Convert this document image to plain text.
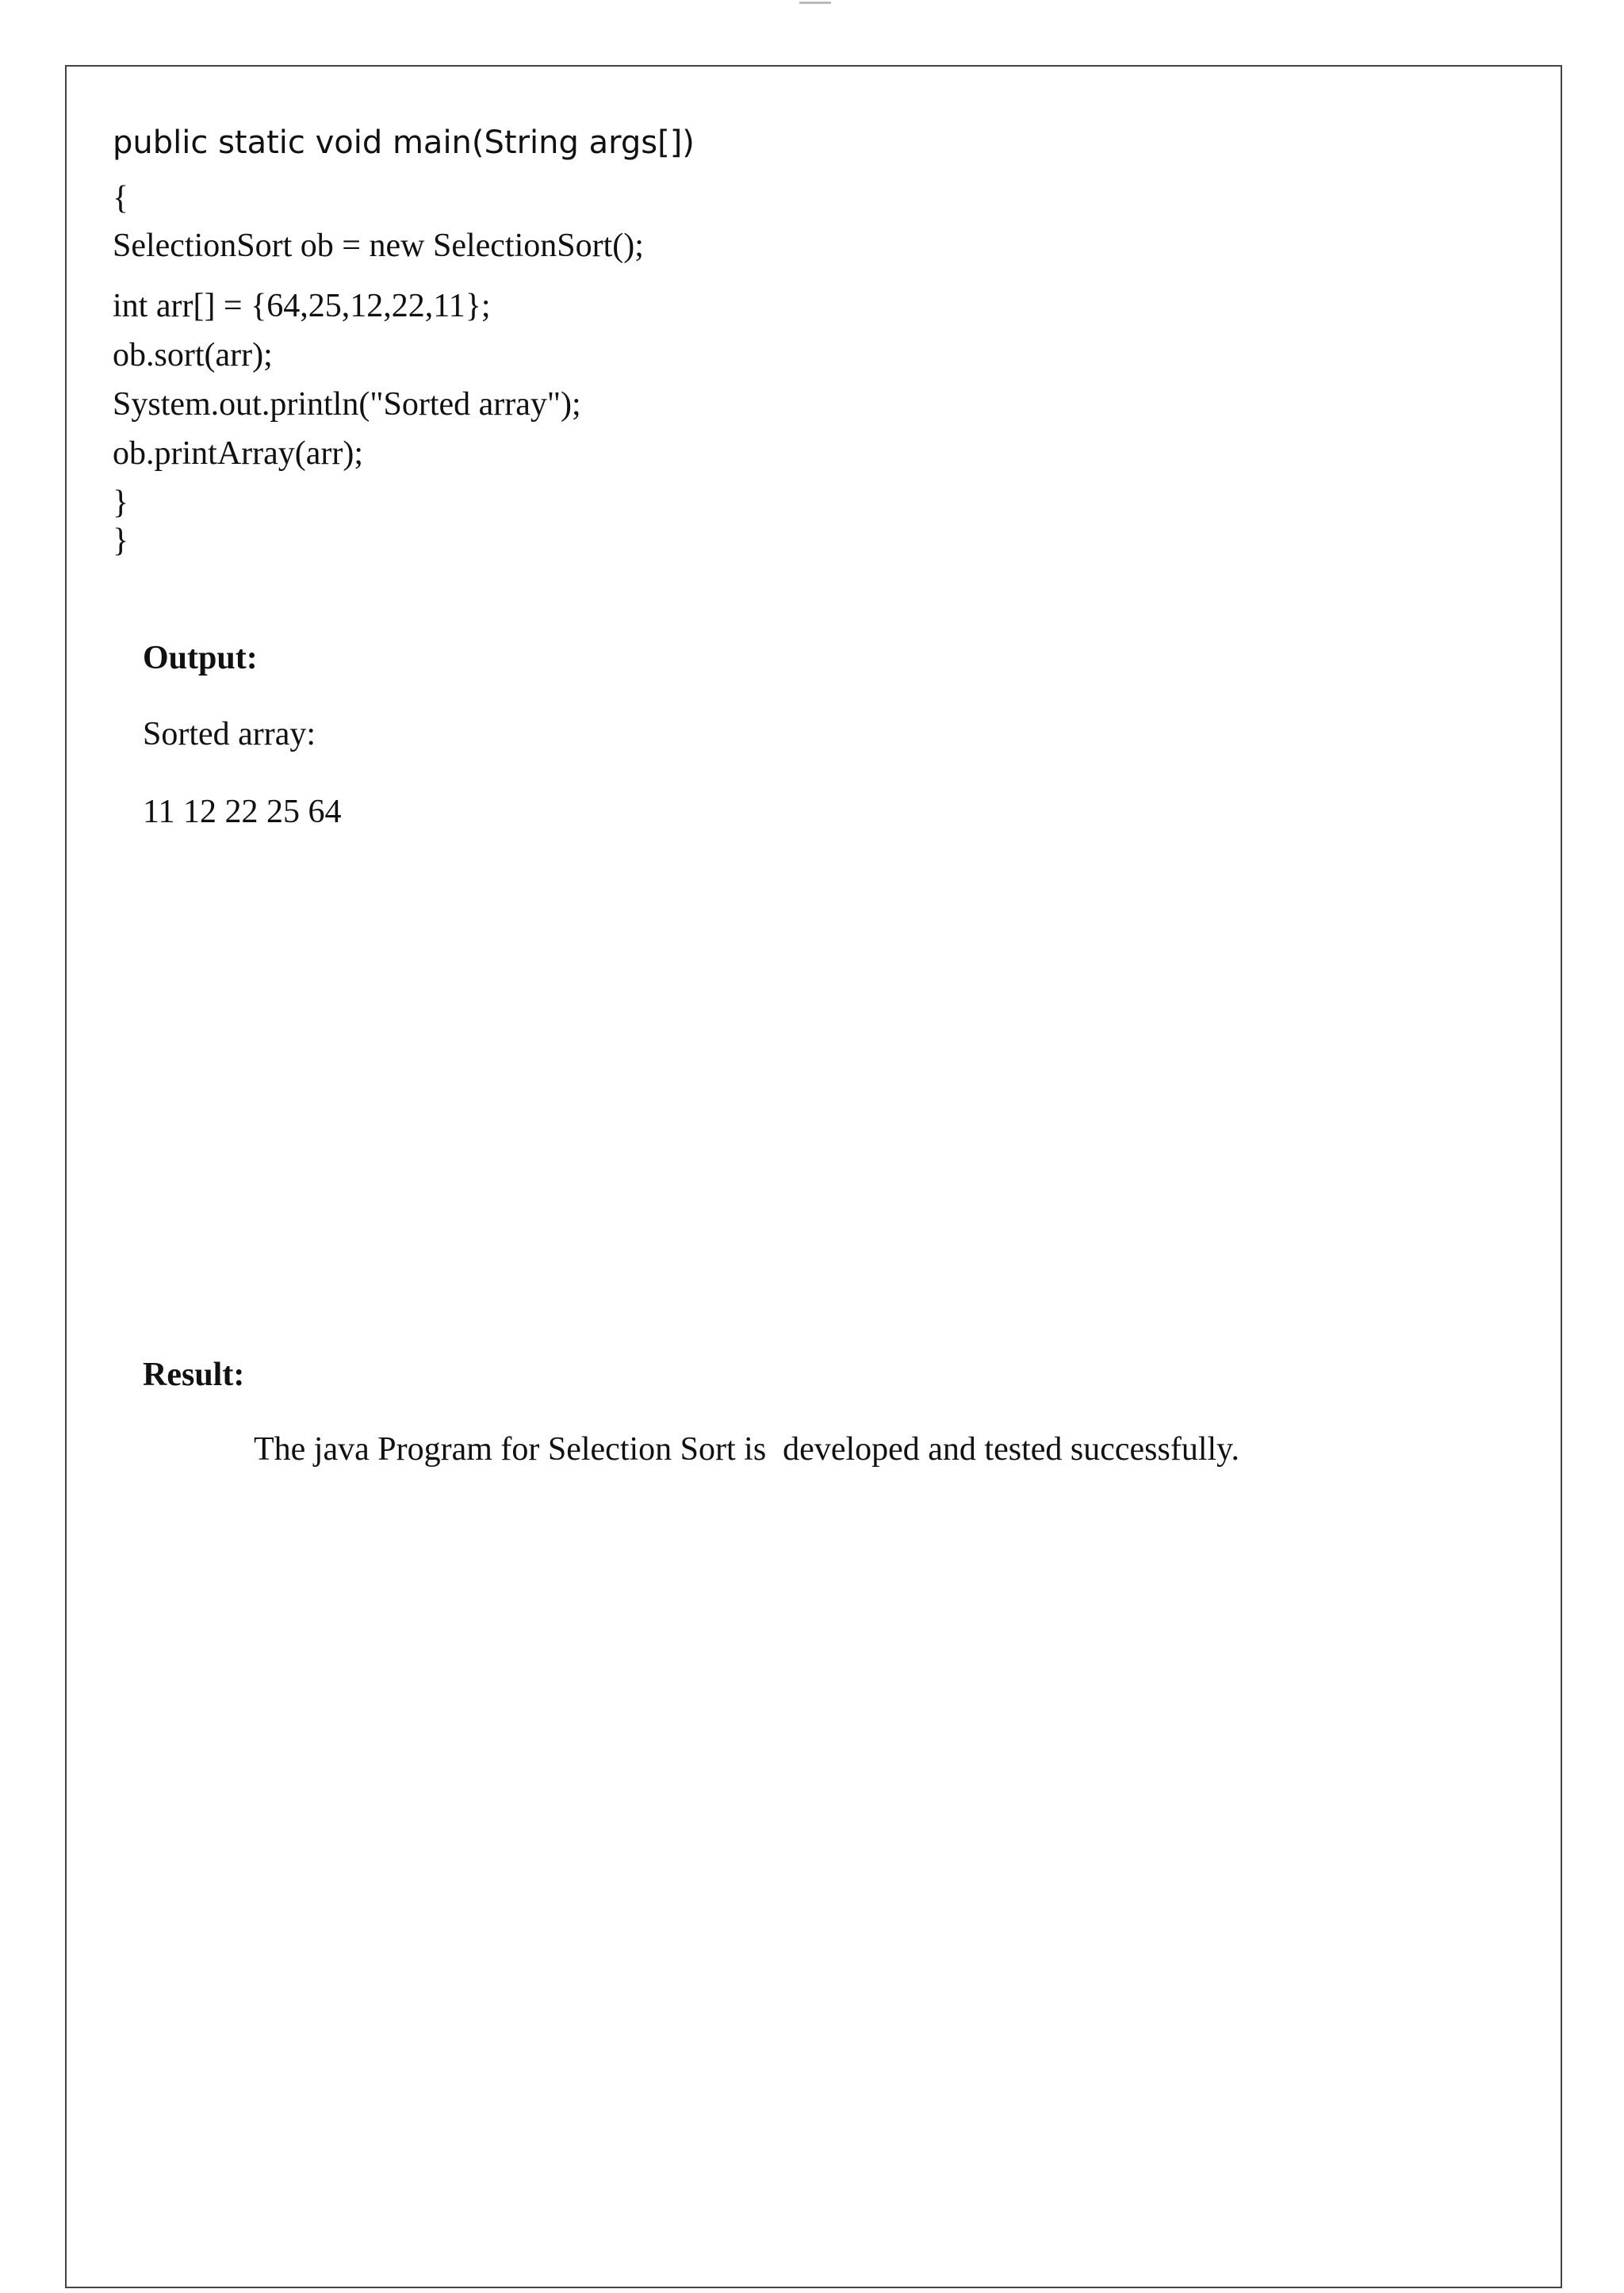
public static void main(String args[])
{
SelectionSort ob = new SelectionSort();
int arr[] = {64,25,12,22,11};
ob.sort(arr);
System.out.println("Sorted array");
ob.printArray(arr);
}
}
Output:
Sorted array:
11 12 22 25 64
Result:
The java Program for Selection Sort is  developed and tested successfully.
